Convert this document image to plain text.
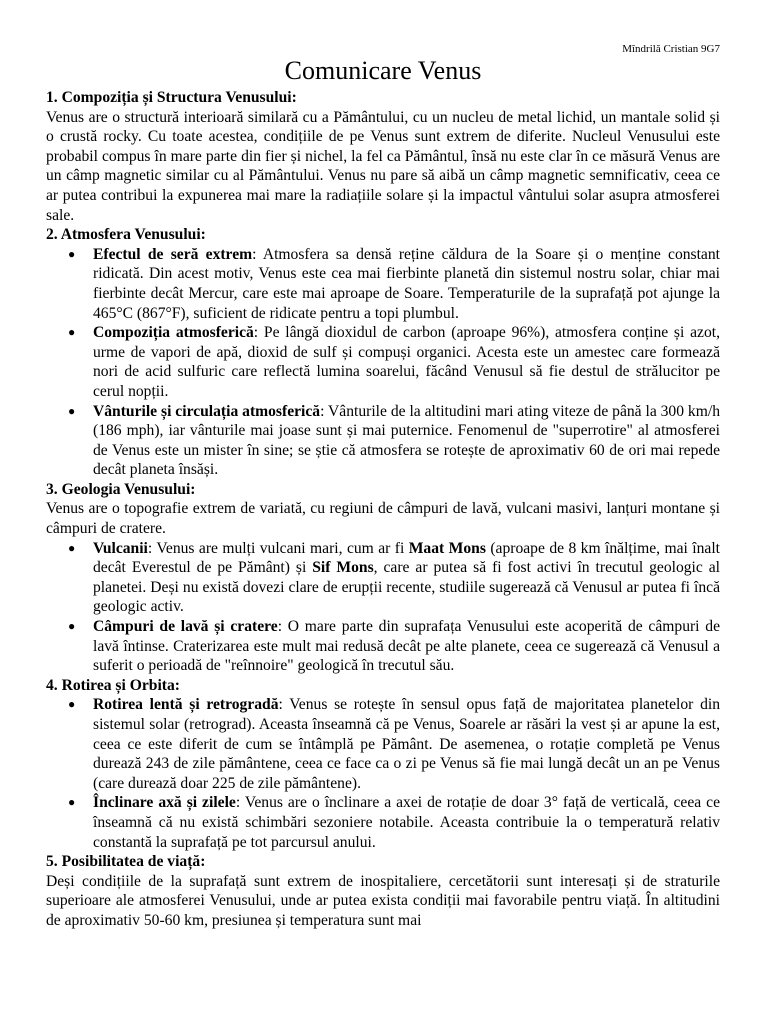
Mîndrilă Cristian 9G7

Comunicare Venus

1. Compoziția și Structura Venusului:

Venus are o structură interioară similară cu a Pământului, cu un nucleu de metal lichid, un mantale solid și o crustă rocky. Cu toate acestea, condițiile de pe Venus sunt extrem de diferite. Nucleul Venusului este probabil compus în mare parte din fier și nichel, la fel ca Pământul, însă nu este clar în ce măsură Venus are un câmp magnetic similar cu al Pământului. Venus nu pare să aibă un câmp magnetic semnificativ, ceea ce ar putea contribui la expunerea mai mare la radiațiile solare și la impactul vântului solar asupra atmosferei sale.

2. Atmosfera Venusului:

● Efectul de seră extrem: Atmosfera sa densă reține căldura de la Soare și o menține constant ridicată. Din acest motiv, Venus este cea mai fierbinte planetă din sistemul nostru solar, chiar mai fierbinte decât Mercur, care este mai aproape de Soare. Temperaturile de la suprafață pot ajunge la 465°C (867°F), suficient de ridicate pentru a topi plumbul.
● Compoziția atmosferică: Pe lângă dioxidul de carbon (aproape 96%), atmosfera conține și azot, urme de vapori de apă, dioxid de sulf și compuși organici. Acesta este un amestec care formează nori de acid sulfuric care reflectă lumina soarelui, făcând Venusul să fie destul de strălucitor pe cerul nopții.
● Vânturile și circulația atmosferică: Vânturile de la altitudini mari ating viteze de până la 300 km/h (186 mph), iar vânturile mai joase sunt și mai puternice. Fenomenul de "superrotire" al atmosferei de Venus este un mister în sine; se știe că atmosfera se rotește de aproximativ 60 de ori mai repede decât planeta însăși.

3. Geologia Venusului:

Venus are o topografie extrem de variată, cu regiuni de câmpuri de lavă, vulcani masivi, lanțuri montane și câmpuri de cratere.

● Vulcanii: Venus are mulți vulcani mari, cum ar fi Maat Mons (aproape de 8 km înălțime, mai înalt decât Everestul de pe Pământ) și Sif Mons, care ar putea să fi fost activi în trecutul geologic al planetei. Deși nu există dovezi clare de erupții recente, studiile sugerează că Venusul ar putea fi încă geologic activ.
● Câmpuri de lavă și cratere: O mare parte din suprafața Venusului este acoperită de câmpuri de lavă întinse. Craterizarea este mult mai redusă decât pe alte planete, ceea ce sugerează că Venusul a suferit o perioadă de "reînnoire" geologică în trecutul său.

4. Rotirea și Orbita:

● Rotirea lentă și retrogradă: Venus se rotește în sensul opus față de majoritatea planetelor din sistemul solar (retrograd). Aceasta înseamnă că pe Venus, Soarele ar răsări la vest și ar apune la est, ceea ce este diferit de cum se întâmplă pe Pământ. De asemenea, o rotație completă pe Venus durează 243 de zile pământene, ceea ce face ca o zi pe Venus să fie mai lungă decât un an pe Venus (care durează doar 225 de zile pământene).
● Înclinare axă și zilele: Venus are o înclinare a axei de rotație de doar 3° față de verticală, ceea ce înseamnă că nu există schimbări sezoniere notabile. Aceasta contribuie la o temperatură relativ constantă la suprafață pe tot parcursul anului.

5. Posibilitatea de viață:

Deși condițiile de la suprafață sunt extrem de inospitaliere, cercetătorii sunt interesați și de straturile superioare ale atmosferei Venusului, unde ar putea exista condiții mai favorabile pentru viață. În altitudini de aproximativ 50-60 km, presiunea și temperatura sunt mai
